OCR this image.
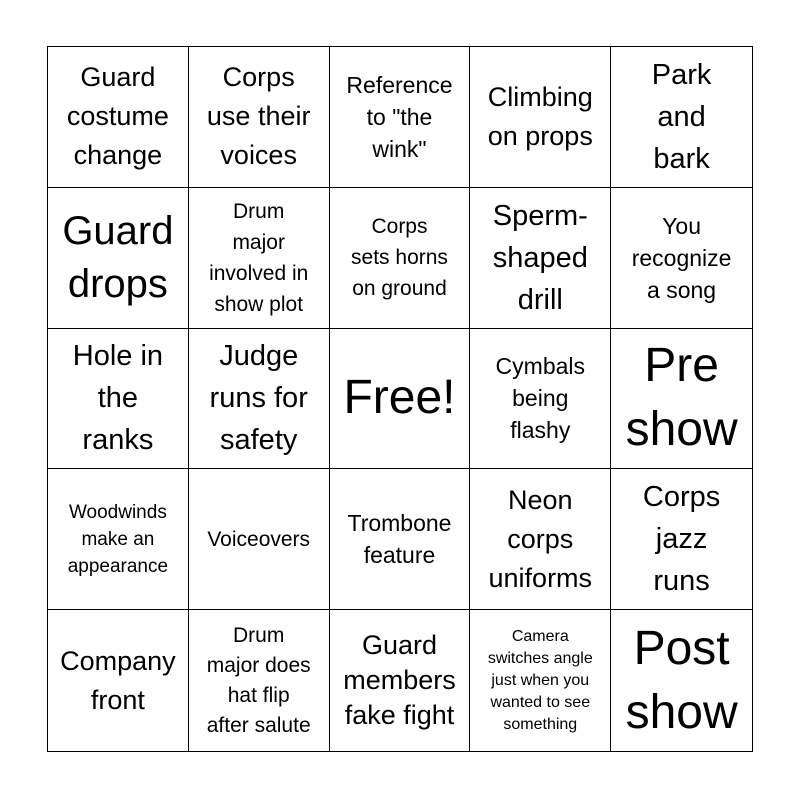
Guard
costume
change
Corps
use their
voices
Reference
to "the
wink"
Climbing
on props
Park
and
bark
Guard
drops
Drum
major
involved in
show plot
Corps
sets horns
on ground
Sperm-
shaped
drill
You
recognize
a song
Hole in
the
ranks
Judge
runs for
safety
Free!
Cymbals
being
flashy
Pre
show
Woodwinds
make an
appearance
Voiceovers
Trombone
feature
Neon
corps
uniforms
Corps
jazz
runs
Company
front
Drum
major does
hat flip
after salute
Guard
members
fake fight
Camera
switches angle
just when you
wanted to see
something
Post
show
